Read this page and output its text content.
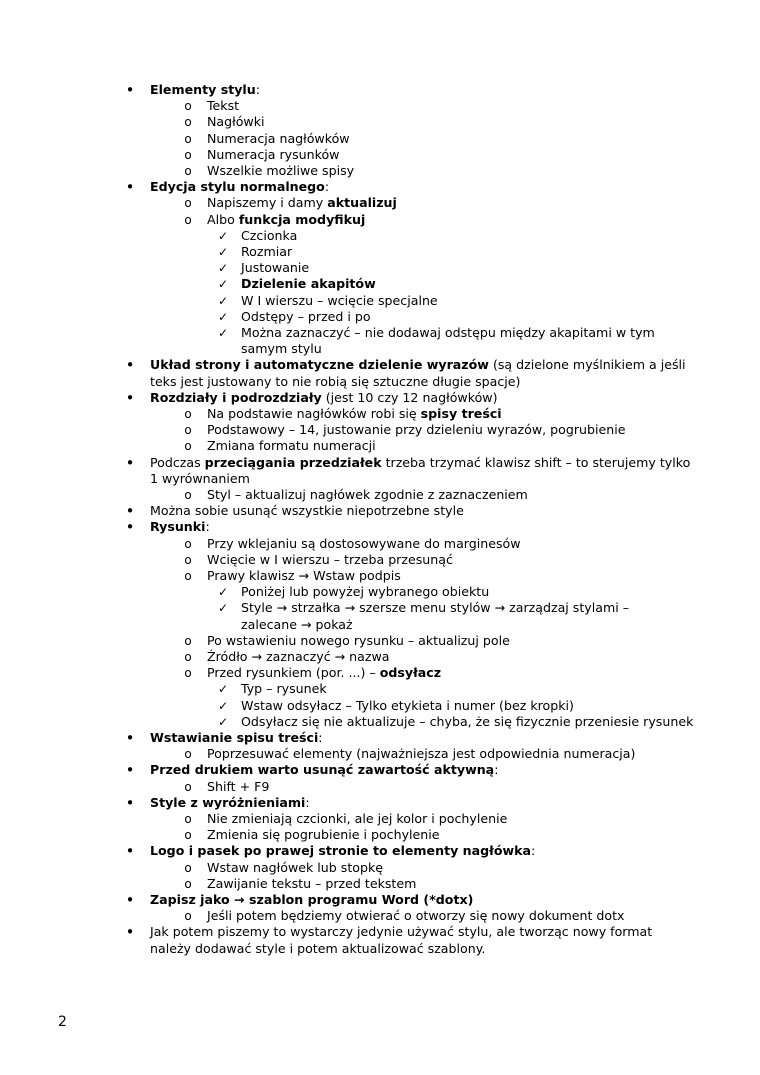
• Elementy stylu:
o Tekst
o Nagłówki
o Numeracja nagłówków
o Numeracja rysunków
o Wszelkie możliwe spisy
• Edycja stylu normalnego:
o Napiszemy i damy aktualizuj
o Albo funkcja modyfikuj
✓ Czcionka
✓ Rozmiar
✓ Justowanie
✓ Dzielenie akapitów
✓ W I wierszu – wcięcie specjalne
✓ Odstępy – przed i po
✓ Można zaznaczyć – nie dodawaj odstępu między akapitami w tym
samym stylu
• Układ strony i automatyczne dzielenie wyrazów (są dzielone myślnikiem a jeśli
teks jest justowany to nie robią się sztuczne długie spacje)
• Rozdziały i podrozdziały (jest 10 czy 12 nagłówków)
o Na podstawie nagłówków robi się spisy treści
o Podstawowy – 14, justowanie przy dzieleniu wyrazów, pogrubienie
o Zmiana formatu numeracji
• Podczas przeciągania przedziałek trzeba trzymać klawisz shift – to sterujemy tylko
1 wyrównaniem
o Styl – aktualizuj nagłówek zgodnie z zaznaczeniem
• Można sobie usunąć wszystkie niepotrzebne style
• Rysunki:
o Przy wklejaniu są dostosowywane do marginesów
o Wcięcie w I wierszu – trzeba przesunąć
o Prawy klawisz → Wstaw podpis
✓ Poniżej lub powyżej wybranego obiektu
✓ Style → strzałka → szersze menu stylów → zarządzaj stylami –
zalecane → pokaż
o Po wstawieniu nowego rysunku – aktualizuj pole
o Źródło → zaznaczyć → nazwa
o Przed rysunkiem (por. ...) – odsyłacz
✓ Typ – rysunek
✓ Wstaw odsyłacz – Tylko etykieta i numer (bez kropki)
✓ Odsyłacz się nie aktualizuje – chyba, że się fizycznie przeniesie rysunek
• Wstawianie spisu treści:
o Poprzesuwać elementy (najważniejsza jest odpowiednia numeracja)
• Przed drukiem warto usunąć zawartość aktywną:
o Shift + F9
• Style z wyróżnieniami:
o Nie zmieniają czcionki, ale jej kolor i pochylenie
o Zmienia się pogrubienie i pochylenie
• Logo i pasek po prawej stronie to elementy nagłówka:
o Wstaw nagłówek lub stopkę
o Zawijanie tekstu – przed tekstem
• Zapisz jako → szablon programu Word (*dotx)
o Jeśli potem będziemy otwierać o otworzy się nowy dokument dotx
• Jak potem piszemy to wystarczy jedynie używać stylu, ale tworząc nowy format
należy dodawać style i potem aktualizować szablony.
2
